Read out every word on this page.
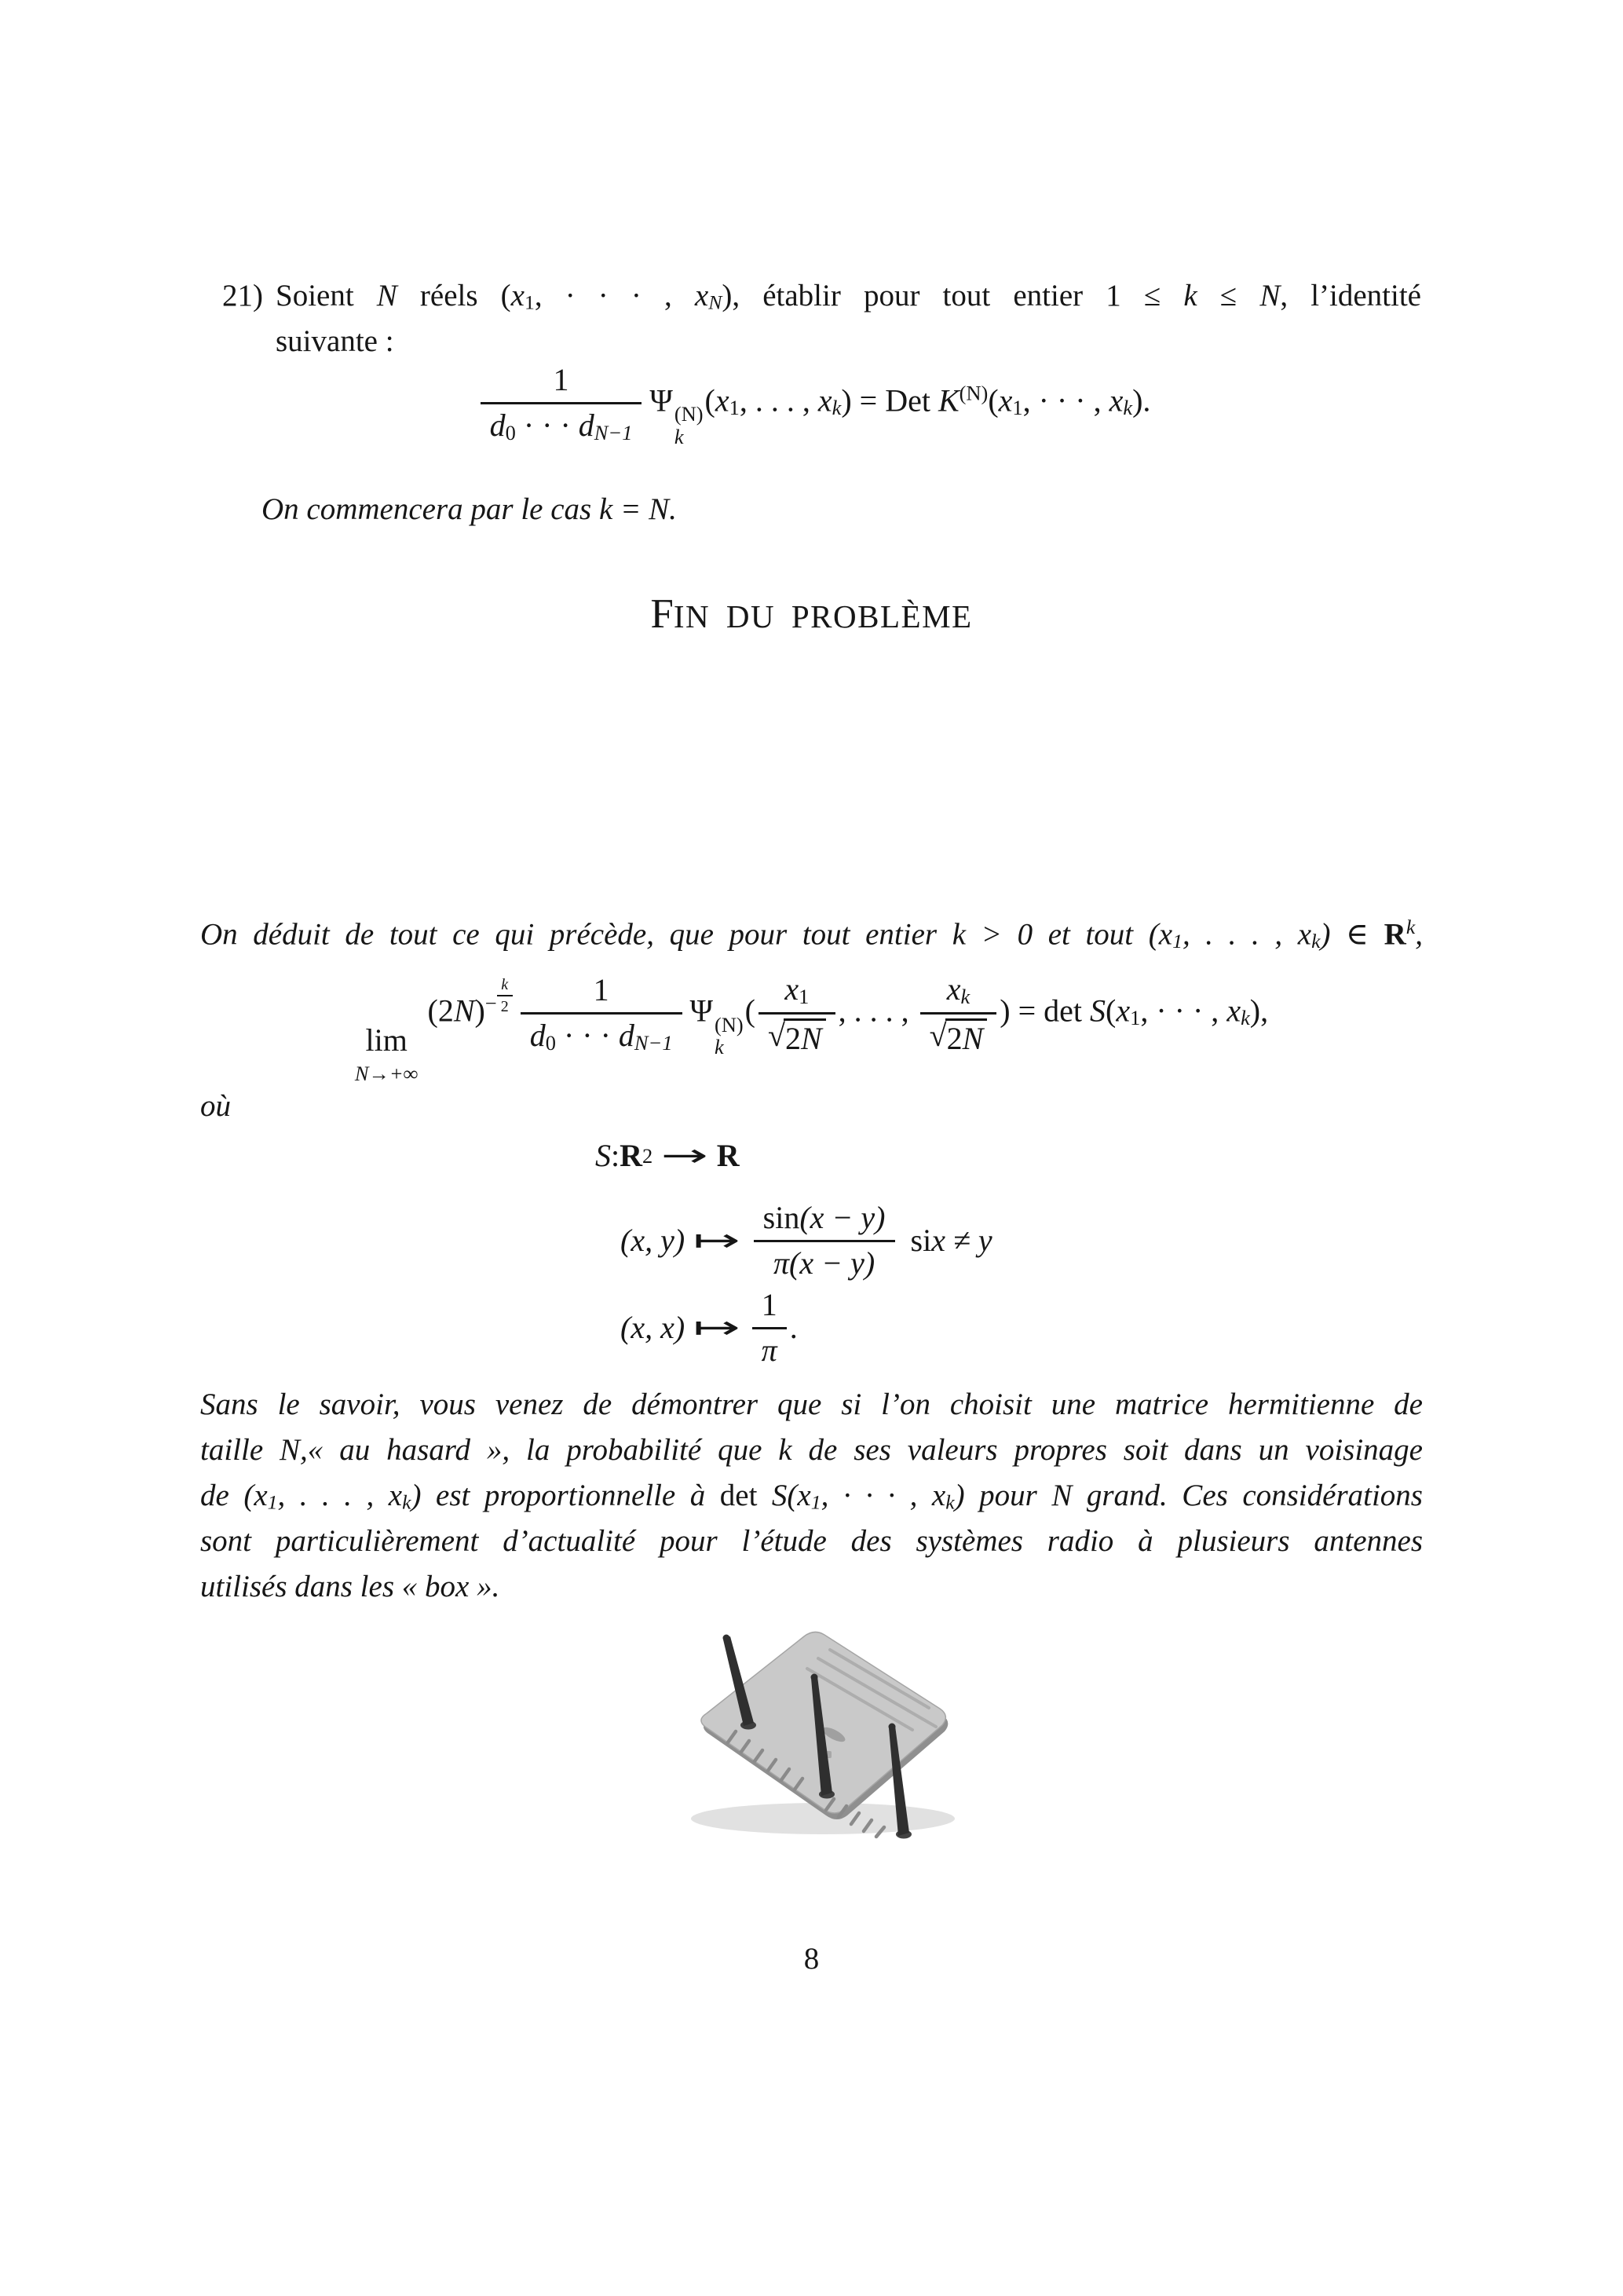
21) Soient N réels (x1, · · · , xN), établir pour tout entier 1 ≤ k ≤ N, l’identité
suivante :
$\frac{1}{d0 \cdot \cdot \cdot dN-1}$ Ψ (N)
k
(x1, . . . , xk) = Det $K^{(N)}(x1$, · · · , xk).
On commencera par le cas k = N.
FIN DU PROBLÈME
On déduit de tout ce qui précède, que pour tout entier k > 0 et tout (x1, . . . , xk) ∈ $R^k$,
lim
N→+∞
$(2N)^- \frac{k}{2} \frac{1}{d0 \cdot \cdot \cdot dN-1}$ Ψ (N)
k
( $\frac{x1}{√ 2N}$ , . . . , $\frac{xk}{√ 2N}$ ) = det S(x1, · · · , xk),
où
S : R 2 → R
(x, y) ↦ $\frac{\sin(x - y)}{\pi(x - y)}$ si x ≠ y
(x, x) ↦ $\frac{1}{\pi}$ .
Sans le savoir, vous venez de démontrer que si l’on choisit une matrice hermitienne de
taille N,« au hasard », la probabilité que k de ses valeurs propres soit dans un voisinage
de (x1, . . . , xk) est proportionnelle à det S(x1, · · · , xk) pour N grand. Ces considérations
sont particulièrement d’actualité pour l’étude des systèmes radio à plusieurs antennes
utilisés dans les « box ».
8
